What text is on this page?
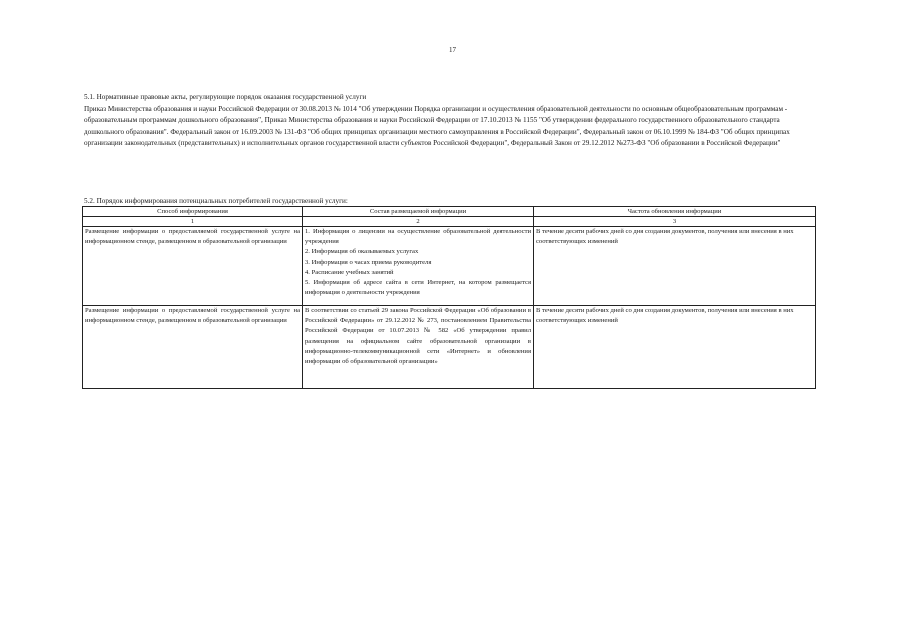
17

5.1. Нормативные правовые акты, регулирующие порядок оказания государственной услуги

Приказ Министерства образования и науки Российской Федерации от 30.08.2013 № 1014 "Об утверждении Порядка организации и осуществления образовательной деятельности по основным общеобразовательным программам - образовательным программам дошкольного образования", Приказ Министерства образования и науки Российской Федерации от 17.10.2013 № 1155 "Об утверждении федерального государственного образовательного стандарта дошкольного образования". Федеральный закон от 16.09.2003 № 131-ФЗ "Об общих принципах организации местного самоуправления в Российской Федерации", Федеральный закон от 06.10.1999 № 184-ФЗ "Об общих принципах организации законодательных (представительных) и исполнительных органов государственной власти субъектов Российской Федерации", Федеральный Закон от 29.12.2012 №273-ФЗ "Об образовании в Российской Федерации"

5.2. Порядок информирования потенциальных потребителей государственной услуги:
Способ информирования	Состав размещаемой информации	Частота обновления информации
1	2	3
Размещение информации о предоставляемой государственной услуге на информационном стенде, размещенном в образовательной организации	1. Информация о лицензии на осуществление образовательной деятельности учреждения
2. Информация об оказываемых услугах
3. Информация о часах приема руководителя
4. Расписание учебных занятий
5. Информация об адресе сайта в сети Интернет, на котором размещается информация о деятельности учреждения	В течение десяти рабочих дней со дня создания документов, получения или внесения в них соответствующих изменений
Размещение информации о предоставляемой государственной услуге на информационном стенде, размещенном в образовательной организации	В соответствии со статьей 29 закона Российской Федерации «Об образовании в Российской Федерации» от 29.12.2012 № 273, постановлением Правительства Российской Федерации от 10.07.2013 № 582 «Об утверждении правил размещения на официальном сайте образовательной организации в информационно-телекоммуникационной сети «Интернет» и обновления информации об образовательной организации»	В течение десяти рабочих дней со дня создания документов, получения или внесения в них соответствующих изменений
